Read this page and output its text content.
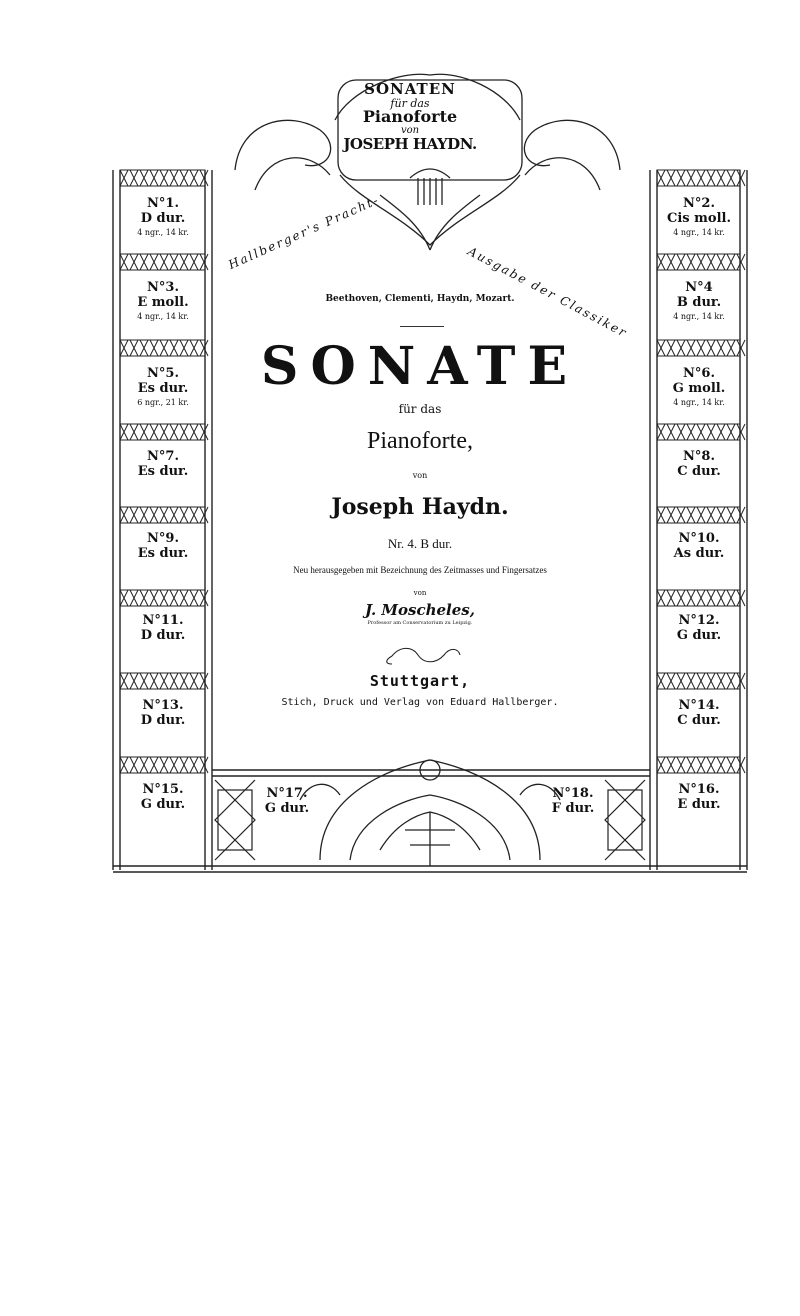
SONATEN
für das
Pianoforte
von
JOSEPH HAYDN.
Hallberger's Pracht-
Ausgabe der Classiker
Beethoven, Clementi, Haydn, Mozart.
SONATE
für das
Pianoforte,
von
Joseph Haydn.
Nr. 4. B dur.
Neu herausgegeben mit Bezeichnung des Zeitmasses und Fingersatzes
von
J. Moscheles,
Professor am Conservatorium zu Leipzig.
Stuttgart,
Stich, Druck und Verlag von Eduard Hallberger.
N°1.
D dur.
4 ngr., 14 kr.
N°3.
E moll.
4 ngr., 14 kr.
N°5.
Es dur.
6 ngr., 21 kr.
N°7.
Es dur.
N°9.
Es dur.
N°11.
D dur.
N°13.
D dur.
N°15.
G dur.
N°2.
Cis moll.
4 ngr., 14 kr.
N°4
B dur.
4 ngr., 14 kr.
N°6.
G moll.
4 ngr., 14 kr.
N°8.
C dur.
N°10.
As dur.
N°12.
G dur.
N°14.
C dur.
N°16.
E dur.
N°17.
G dur.
N°18.
F dur.
